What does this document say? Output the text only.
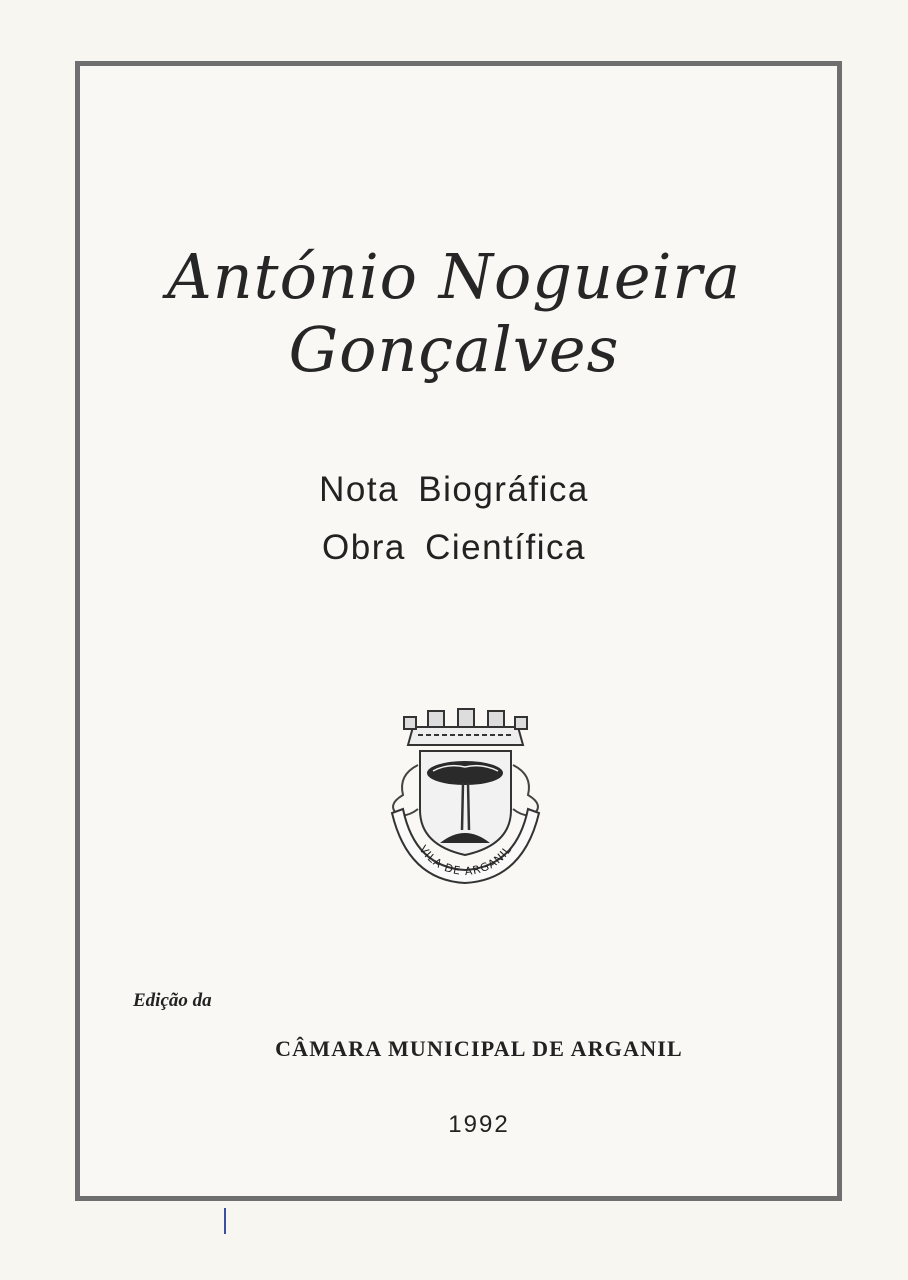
António Nogueira Gonçalves
Nota Biográfica
Obra Científica
VILA DE ARGANIL
Edição da
CÂMARA MUNICIPAL DE ARGANIL
1992
